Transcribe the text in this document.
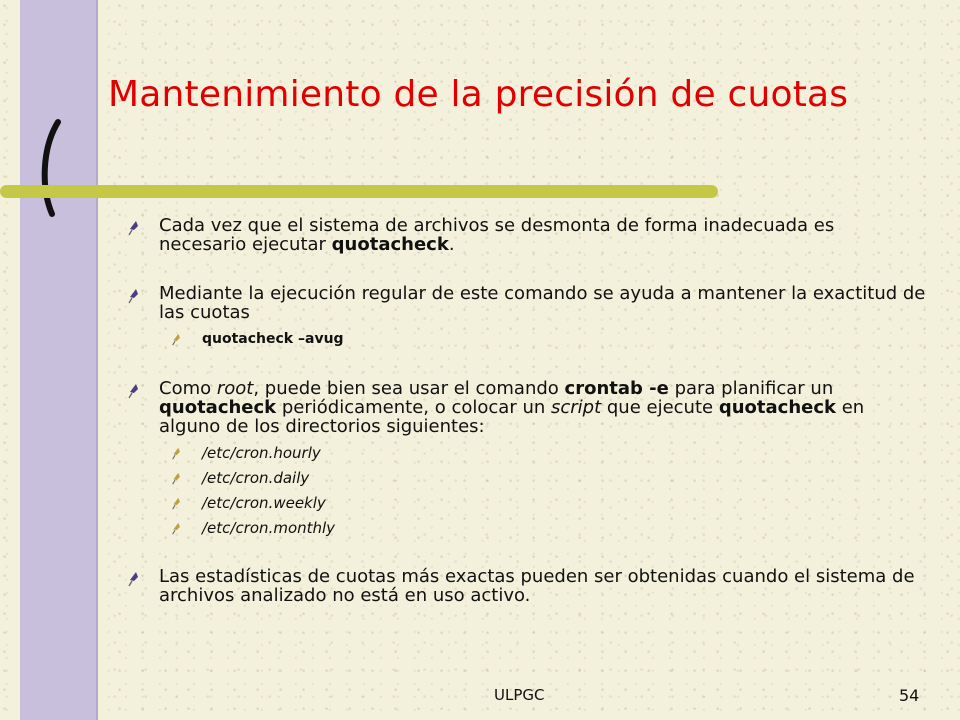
Mantenimiento de la precisión de cuotas
Cada vez que el sistema de archivos se desmonta de forma inadecuada es necesario ejecutar quotacheck.
Mediante la ejecución regular de este comando se ayuda a mantener la exactitud de las cuotas
quotacheck –avug
Como root, puede bien sea usar el comando crontab -e para planificar un quotacheck periódicamente, o colocar un script que ejecute quotacheck en alguno de los directorios siguientes:
/etc/cron.hourly
/etc/cron.daily
/etc/cron.weekly
/etc/cron.monthly
Las estadísticas de cuotas más exactas pueden ser obtenidas cuando el sistema de archivos analizado no está en uso activo.
ULPGC	54
